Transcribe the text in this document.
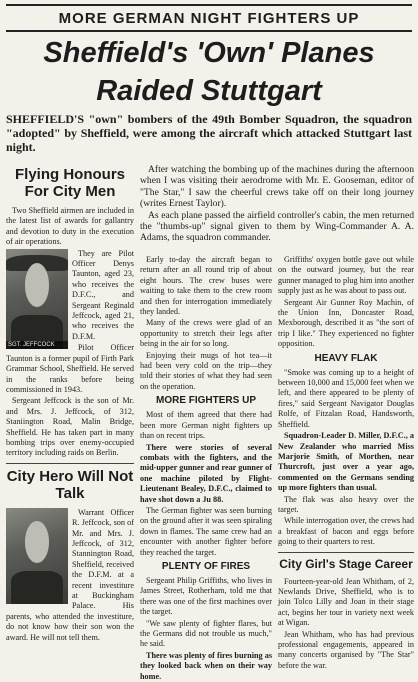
MORE GERMAN NIGHT FIGHTERS UP
Sheffield's 'Own' Planes
Raided Stuttgart
SHEFFIELD'S "own" bombers of the 49th Bomber Squadron, the squadron "adopted" by Sheffield, were among the aircraft which attacked Stuttgart last night.
Flying Honours For City Men

Two Sheffield airmen are included in the latest list of awards for gallantry and devotion to duty in the execution of air operations.

SGT. JEFFCOCK

They are Pilot Officer Denys Taunton, aged 23, who receives the D.F.C., and Sergeant Reginald Jeffcock, aged 21, who receives the D.F.M.

Pilot Officer Taunton is a former pupil of Firth Park Grammar School, Sheffield. He served in the ranks before being commissioned in 1943.

Sergeant Jeffcock is the son of Mr. and Mrs. J. Jeffcock, of 312, Staniington Road, Malin Bridge, Sheffield. He has taken part in many bombing trips over enemy-occupied territory including raids on Berlin.

City Hero Will Not Talk

Warrant Officer R. Jeffcock, son of Mr. and Mrs. J. Jeffcock, of 312, Stannington Road, Sheffield, received the D.F.M. at a recent investiture at Buckingham Palace. His parents, who attended the investiture, do not know how their son won the award. He will not tell them.

After watching the bombing up of the machines during the afternoon when I was visiting their aerodrome with Mr. E. Gooseman, editor of "The Star," I saw the cheerful crews take off on their long journey (writes Ernest Taylor).

As each plane passed the airfield controller's cabin, the men returned the "thumbs-up" signal given to them by Wing-Commander A. A. Adams, the squadron commander.

Early to-day the aircraft began to return after an all round trip of about eight hours. The crew buses were waiting to take them to the crew room and then for interrogation immediately they landed.

Many of the crews were glad of an opportunity to stretch their legs after being in the air for so long.

Enjoying their mugs of hot tea—it had been very cold on the trip—they told their stories of what they had seen on the operation.

MORE FIGHTERS UP

Most of them agreed that there had been more German night fighters up than on recent trips.

There were stories of several combats with the fighters, and the mid-upper gunner and rear gunner of one machine piloted by Flight-Lieutenant Bealey, D.F.C., claimed to have shot down a Ju 88.

The German fighter was seen burning on the ground after it was seen spiraling down in flames. The same crew had an encounter with another fighter before they reached the target.

PLENTY OF FIRES

Sergeant Philip Griffiths, who lives in James Street, Rotherham, told me that there was one of the first machines over the target.

"We saw plenty of fighter flares, but the Germans did not trouble us much," he said.

There was plenty of fires burning as they looked back when on their way home.

Griffiths' oxygen bottle gave out while on the outward journey, but the rear gunner managed to plug him into another supply just as he was about to pass out.

Sergeant Air Gunner Roy Machin, of the Union Inn, Doncaster Road, Mexborough, described it as "the sort of trip I like." They experienced no fighter opposition.

HEAVY FLAK

"Smoke was coming up to a height of between 10,000 and 15,000 feet when we left, and there appeared to be plenty of fires," said Sergeant Navigator Douglas Rolfe, of Fitzalan Road, Handsworth, Sheffield.

Squadron-Leader D. Miller, D.F.C., a New Zealander who married Miss Marjorie Smith, of Morthen, near Thurcroft, just over a year ago, commented on the Germans sending up more fighters than usual.

The flak was also heavy over the target.

While interrogation over, the crews had a breakfast of bacon and eggs before going to their quarters to rest.

City Girl's Stage Career

Fourteen-year-old Jean Whitham, of 2, Newlands Drive, Sheffield, who is to join Tolco Lilly and Joan in their stage act, begins her tour in variety next week at Wigan.

Jean Whitham, who has had previous professional engagements, appeared in many concerts organised by "The Star" before the war.
